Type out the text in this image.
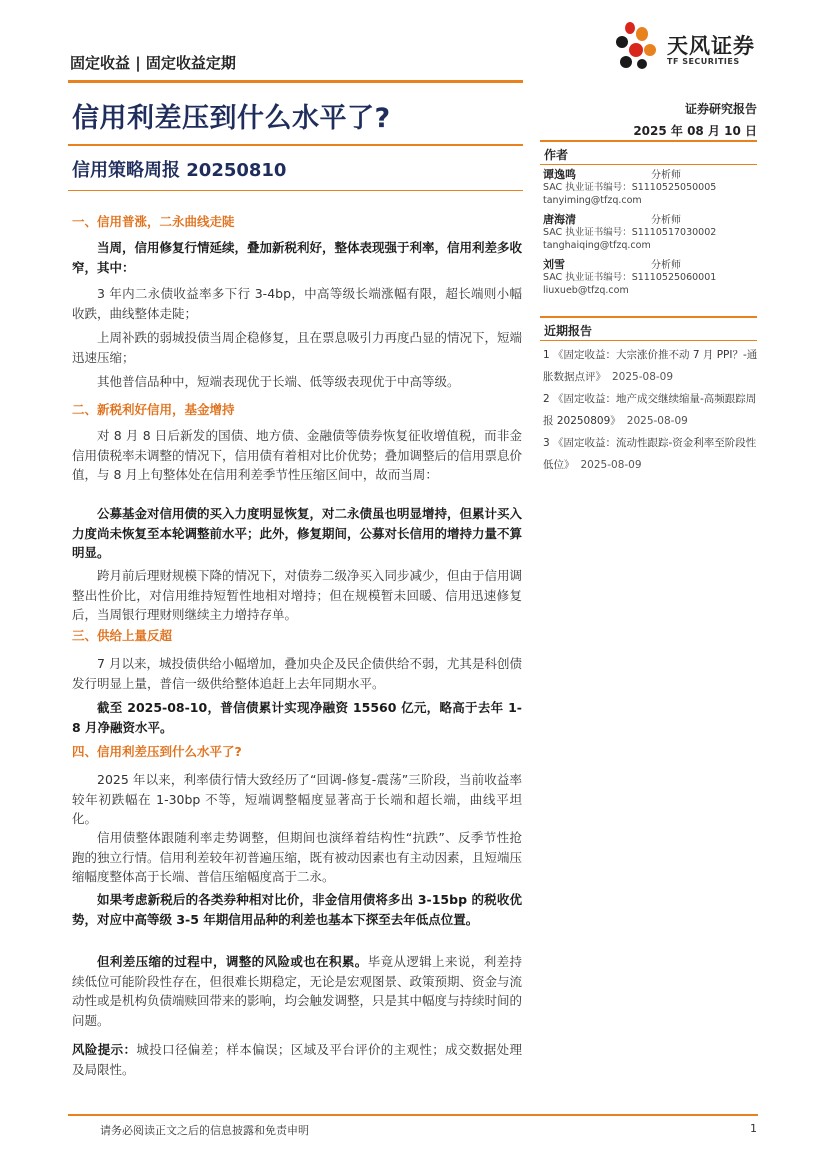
固定收益 | 固定收益定期
信用利差压到什么水平了?
信用策略周报 20250810
天风证券
TF SECURITIES
证券研究报告
2025 年 08 月 10 日
作者
谭逸鸣	分析师
SAC 执业证书编号：S1110525050005
tanyiming@tfzq.com
唐海清	分析师
SAC 执业证书编号：S1110517030002
tanghaiqing@tfzq.com
刘雪	分析师
SAC 执业证书编号：S1110525060001
liuxueb@tfzq.com
近期报告
1 《固定收益：大宗涨价推不动 7 月 PPI？-通胀数据点评》 2025-08-09
2 《固定收益：地产成交继续缩量-高频跟踪周报 20250809》 2025-08-09
3 《固定收益：流动性跟踪-资金利率至阶段性低位》 2025-08-09
一、信用普涨，二永曲线走陡
当周，信用修复行情延续，叠加新税利好，整体表现强于利率，信用利差多收窄，其中：
3 年内二永债收益率多下行 3-4bp，中高等级长端涨幅有限，超长端则小幅收跌，曲线整体走陡；
上周补跌的弱城投债当周企稳修复，且在票息吸引力再度凸显的情况下，短端迅速压缩；
其他普信品种中，短端表现优于长端、低等级表现优于中高等级。
二、新税利好信用，基金增持
对 8 月 8 日后新发的国债、地方债、金融债等债券恢复征收增值税，而非金信用债税率未调整的情况下，信用债有着相对比价优势；叠加调整后的信用票息价值，与 8 月上旬整体处在信用利差季节性压缩区间中，故而当周：
公募基金对信用债的买入力度明显恢复，对二永债虽也明显增持，但累计买入力度尚未恢复至本轮调整前水平；此外，修复期间，公募对长信用的增持力量不算明显。
跨月前后理财规模下降的情况下，对债券二级净买入同步减少，但由于信用调整出性价比，对信用维持短暂性地相对增持；但在规模暂未回暖、信用迅速修复后，当周银行理财则继续主力增持存单。
三、供给上量反超
7 月以来，城投债供给小幅增加，叠加央企及民企债供给不弱，尤其是科创债发行明显上量，普信一级供给整体追赶上去年同期水平。
截至 2025-08-10，普信债累计实现净融资 15560 亿元，略高于去年 1-8 月净融资水平。
四、信用利差压到什么水平了?
2025 年以来，利率债行情大致经历了“回调-修复-震荡”三阶段，当前收益率较年初跌幅在 1-30bp 不等，短端调整幅度显著高于长端和超长端，曲线平坦化。
信用债整体跟随利率走势调整，但期间也演绎着结构性“抗跌”、反季节性抢跑的独立行情。信用利差较年初普遍压缩，既有被动因素也有主动因素，且短端压缩幅度整体高于长端、普信压缩幅度高于二永。
如果考虑新税后的各类券种相对比价，非金信用债将多出 3-15bp 的税收优势，对应中高等级 3-5 年期信用品种的利差也基本下探至去年低点位置。
但利差压缩的过程中，调整的风险或也在积累。毕竟从逻辑上来说，利差持续低位可能阶段性存在，但很难长期稳定，无论是宏观图景、政策预期、资金与流动性或是机构负债端赎回带来的影响，均会触发调整，只是其中幅度与持续时间的问题。
风险提示：城投口径偏差；样本偏误；区域及平台评价的主观性；成交数据处理及局限性。
请务必阅读正文之后的信息披露和免责申明	1
